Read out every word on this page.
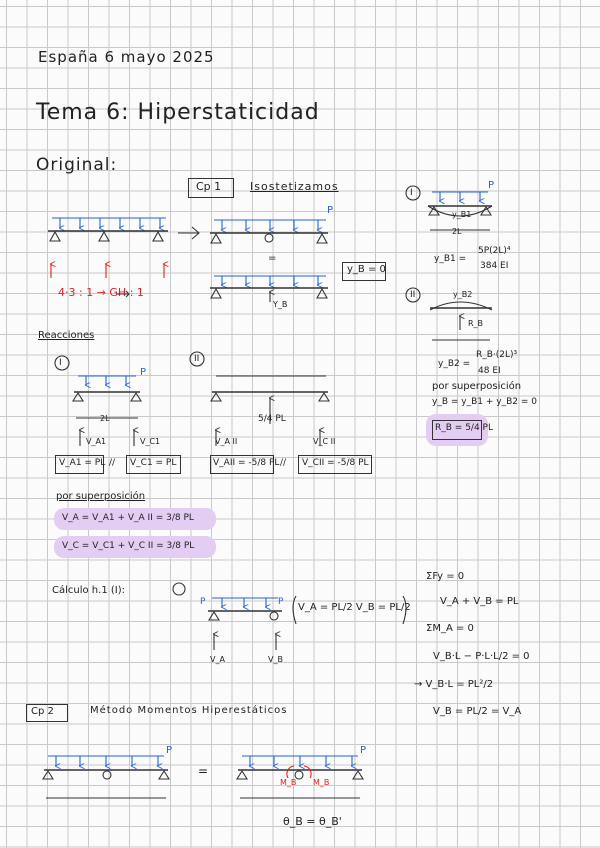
España 6 mayo 2025
Tema 6: Hiperstaticidad
Original:
4·3 : 1 → GH : 1
Cp 1	Isostetizamos
P
=
Y_B
y_B = 0
I
P
y_B1
2L
y_B1 =
5P(2L)⁴
384 EI
II	y_B2
R_B
y_B2 =
R_B·(2L)³
48 EI
por superposición
y_B = y_B1 + y_B2 = 0
R_B = 5/4 PL
Reacciones
I
P
2L
V_A1	V_C1
V_A1 = PL // V_C1 = PL
II
V_A II	V_C II
5/4 PL
V_AII = -5/8 PL // V_CII = -5/8 PL
por superposición
V_A = V_A1 + V_A II = 3/8 PL
V_C = V_C1 + V_C II = 3/8 PL
Cálculo h.1 (I):
P	P
V_A	V_B
V_A = PL/2 V_B = PL/2
ΣFy = 0
V_A + V_B = PL
ΣM_A = 0
V_B·L − P·L·L/2 = 0
→ V_B·L = PL²/2
V_B = PL/2 = V_A
Cp 2	Método Momentos Hiperestáticos
P	P
=
M_B M_B
θ_B = θ_B'
